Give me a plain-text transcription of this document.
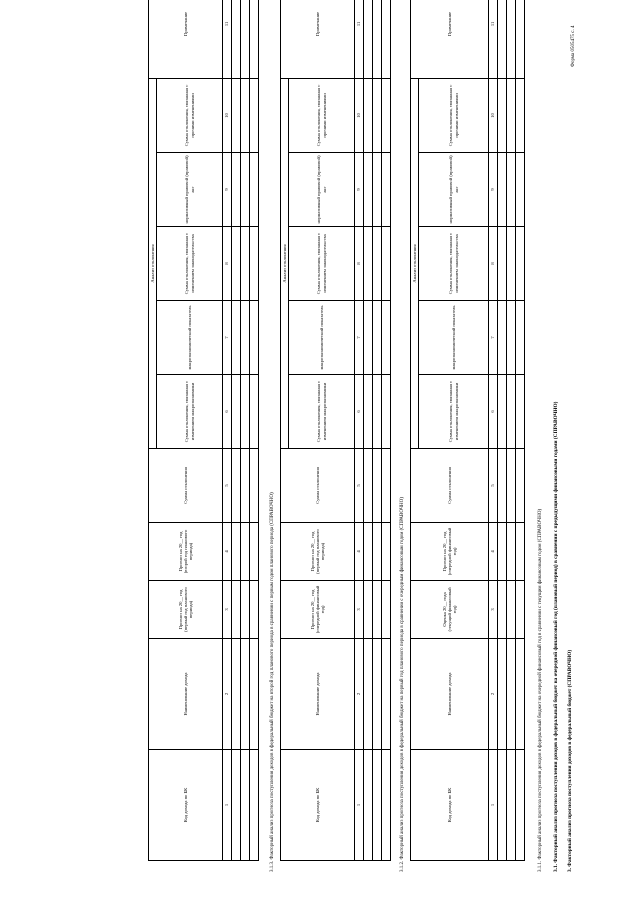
Форма 0505475 с. 4
3. Факторный анализ прогноза поступления доходов в федеральный бюджет (СПРАВОЧНО)
3.1. Факторный анализ прогноза поступления доходов в федеральный бюджет на очередной финансовый год (плановый период) в сравнении с предыдущими финансовыми годами (СПРАВОЧНО)
3.1.1. Факторный анализ прогноза поступления доходов в федеральный бюджет на очередной финансовый год в сравнении с текущим финансовым годом (СПРАВОЧНО)
Код дохода по БК	Наименование дохода	Оценка 20__ года (текущий финансовый год)	Прогноз на 20__ год (очередной финансовый год)	Сумма отклонения	Анализ отклонения					Примечание
					Сумма отклонения, связанная с изменением макроэкономики	макроэкономический показатель	Сумма отклонения, связанная с изменением законодательства	нормативный правовой (правовой) акт	Сумма отклонения, связанная с прочими изменениями	
1	2	3	4	5	6	7	8	9	10	11

3.1.2. Факторный анализ прогноза поступления доходов в федеральный бюджет на первый год планового периода в сравнении с очередным финансовым годом (СПРАВОЧНО)
Код дохода по БК	Наименование дохода	Прогноз на 20__ год (очередной финансовый год)	Прогноз на 20__ год (первый год планового периода)	Сумма отклонения	Анализ отклонения					Примечание
					Сумма отклонения, связанная с изменением макроэкономики	макроэкономический показатель	Сумма отклонения, связанная с изменением законодательства	нормативный правовой (правовой) акт	Сумма отклонения, связанная с прочими изменениями	
1	2	3	4	5	6	7	8	9	10	11

3.1.3. Факторный анализ прогноза поступления доходов в федеральный бюджет на второй год планового периода в сравнении с первым годом планового периода (СПРАВОЧНО)
Код дохода по БК	Наименование дохода	Прогноз на 20__ год (первый год планового периода)	Прогноз на 20__ год (второй год планового периода)	Сумма отклонения	Анализ отклонения					Примечание
					Сумма отклонения, связанная с изменением макроэкономики	макроэкономический показатель	Сумма отклонения, связанная с изменением законодательства	нормативный правовой (правовой) акт	Сумма отклонения, связанная с прочими изменениями	
1	2	3	4	5	6	7	8	9	10	11
